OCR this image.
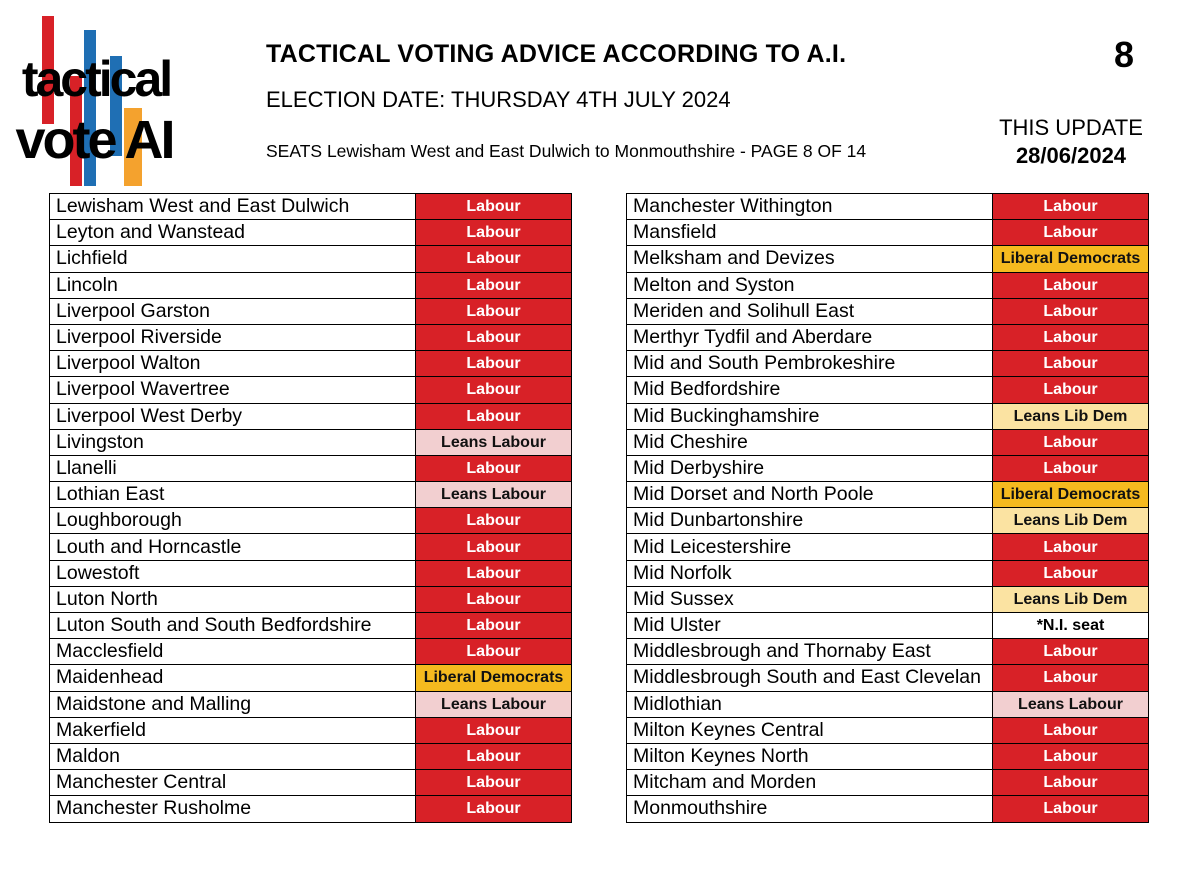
tactical
vote AI
TACTICAL VOTING ADVICE ACCORDING TO A.I.	8
ELECTION DATE: THURSDAY 4TH JULY 2024
SEATS Lewisham West and East Dulwich to Monmouthshire - PAGE 8 OF 14
THIS UPDATE
28/06/2024
Lewisham West and East Dulwich	Labour
Leyton and Wanstead	Labour
Lichfield	Labour
Lincoln	Labour
Liverpool Garston	Labour
Liverpool Riverside	Labour
Liverpool Walton	Labour
Liverpool Wavertree	Labour
Liverpool West Derby	Labour
Livingston	Leans Labour
Llanelli	Labour
Lothian East	Leans Labour
Loughborough	Labour
Louth and Horncastle	Labour
Lowestoft	Labour
Luton North	Labour
Luton South and South Bedfordshire	Labour
Macclesfield	Labour
Maidenhead	Liberal Democrats
Maidstone and Malling	Leans Labour
Makerfield	Labour
Maldon	Labour
Manchester Central	Labour
Manchester Rusholme	Labour
Manchester Withington	Labour
Mansfield	Labour
Melksham and Devizes	Liberal Democrats
Melton and Syston	Labour
Meriden and Solihull East	Labour
Merthyr Tydfil and Aberdare	Labour
Mid and South Pembrokeshire	Labour
Mid Bedfordshire	Labour
Mid Buckinghamshire	Leans Lib Dem
Mid Cheshire	Labour
Mid Derbyshire	Labour
Mid Dorset and North Poole	Liberal Democrats
Mid Dunbartonshire	Leans Lib Dem
Mid Leicestershire	Labour
Mid Norfolk	Labour
Mid Sussex	Leans Lib Dem
Mid Ulster	*N.I. seat
Middlesbrough and Thornaby East	Labour
Middlesbrough South and East Clevelan	Labour
Midlothian	Leans Labour
Milton Keynes Central	Labour
Milton Keynes North	Labour
Mitcham and Morden	Labour
Monmouthshire	Labour
